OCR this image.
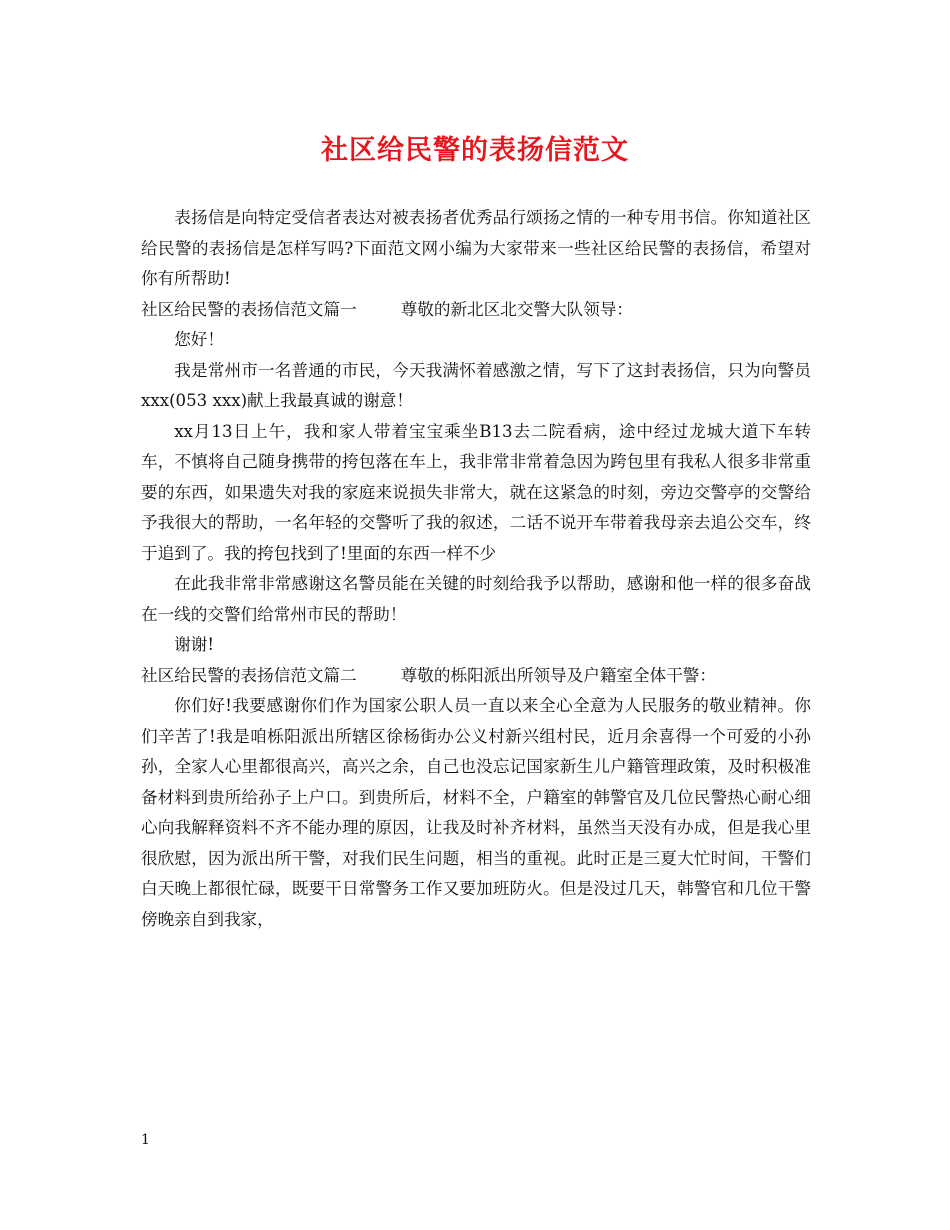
社区给民警的表扬信范文

表扬信是向特定受信者表达对被表扬者优秀品行颂扬之情的一种专用书信。你知道社区给民警的表扬信是怎样写吗?下面范文网小编为大家带来一些社区给民警的表扬信，希望对你有所帮助!

社区给民警的表扬信范文篇一	尊敬的新北区北交警大队领导：

您好！

我是常州市一名普通的市民，今天我满怀着感激之情，写下了这封表扬信，只为向警员 xxx(053 xxx)献上我最真诚的谢意！

xx月13日上午，我和家人带着宝宝乘坐B13去二院看病，途中经过龙城大道下车转车，不慎将自己随身携带的挎包落在车上，我非常非常着急因为跨包里有我私人很多非常重要的东西，如果遗失对我的家庭来说损失非常大，就在这紧急的时刻，旁边交警亭的交警给予我很大的帮助，一名年轻的交警听了我的叙述，二话不说开车带着我母亲去追公交车，终于追到了。我的挎包找到了!里面的东西一样不少

在此我非常非常感谢这名警员能在关键的时刻给我予以帮助，感谢和他一样的很多奋战在一线的交警们给常州市民的帮助！

谢谢!

社区给民警的表扬信范文篇二	尊敬的栎阳派出所领导及户籍室全体干警：

你们好!我要感谢你们作为国家公职人员一直以来全心全意为人民服务的敬业精神。你们辛苦了!我是咱栎阳派出所辖区徐杨街办公义村新兴组村民，近月余喜得一个可爱的小孙孙，全家人心里都很高兴，高兴之余，自己也没忘记国家新生儿户籍管理政策，及时积极准备材料到贵所给孙子上户口。到贵所后，材料不全，户籍室的韩警官及几位民警热心耐心细心向我解释资料不齐不能办理的原因，让我及时补齐材料，虽然当天没有办成，但是我心里很欣慰，因为派出所干警，对我们民生问题，相当的重视。此时正是三夏大忙时间，干警们白天晚上都很忙碌，既要干日常警务工作又要加班防火。但是没过几天，韩警官和几位干警傍晚亲自到我家，

1
